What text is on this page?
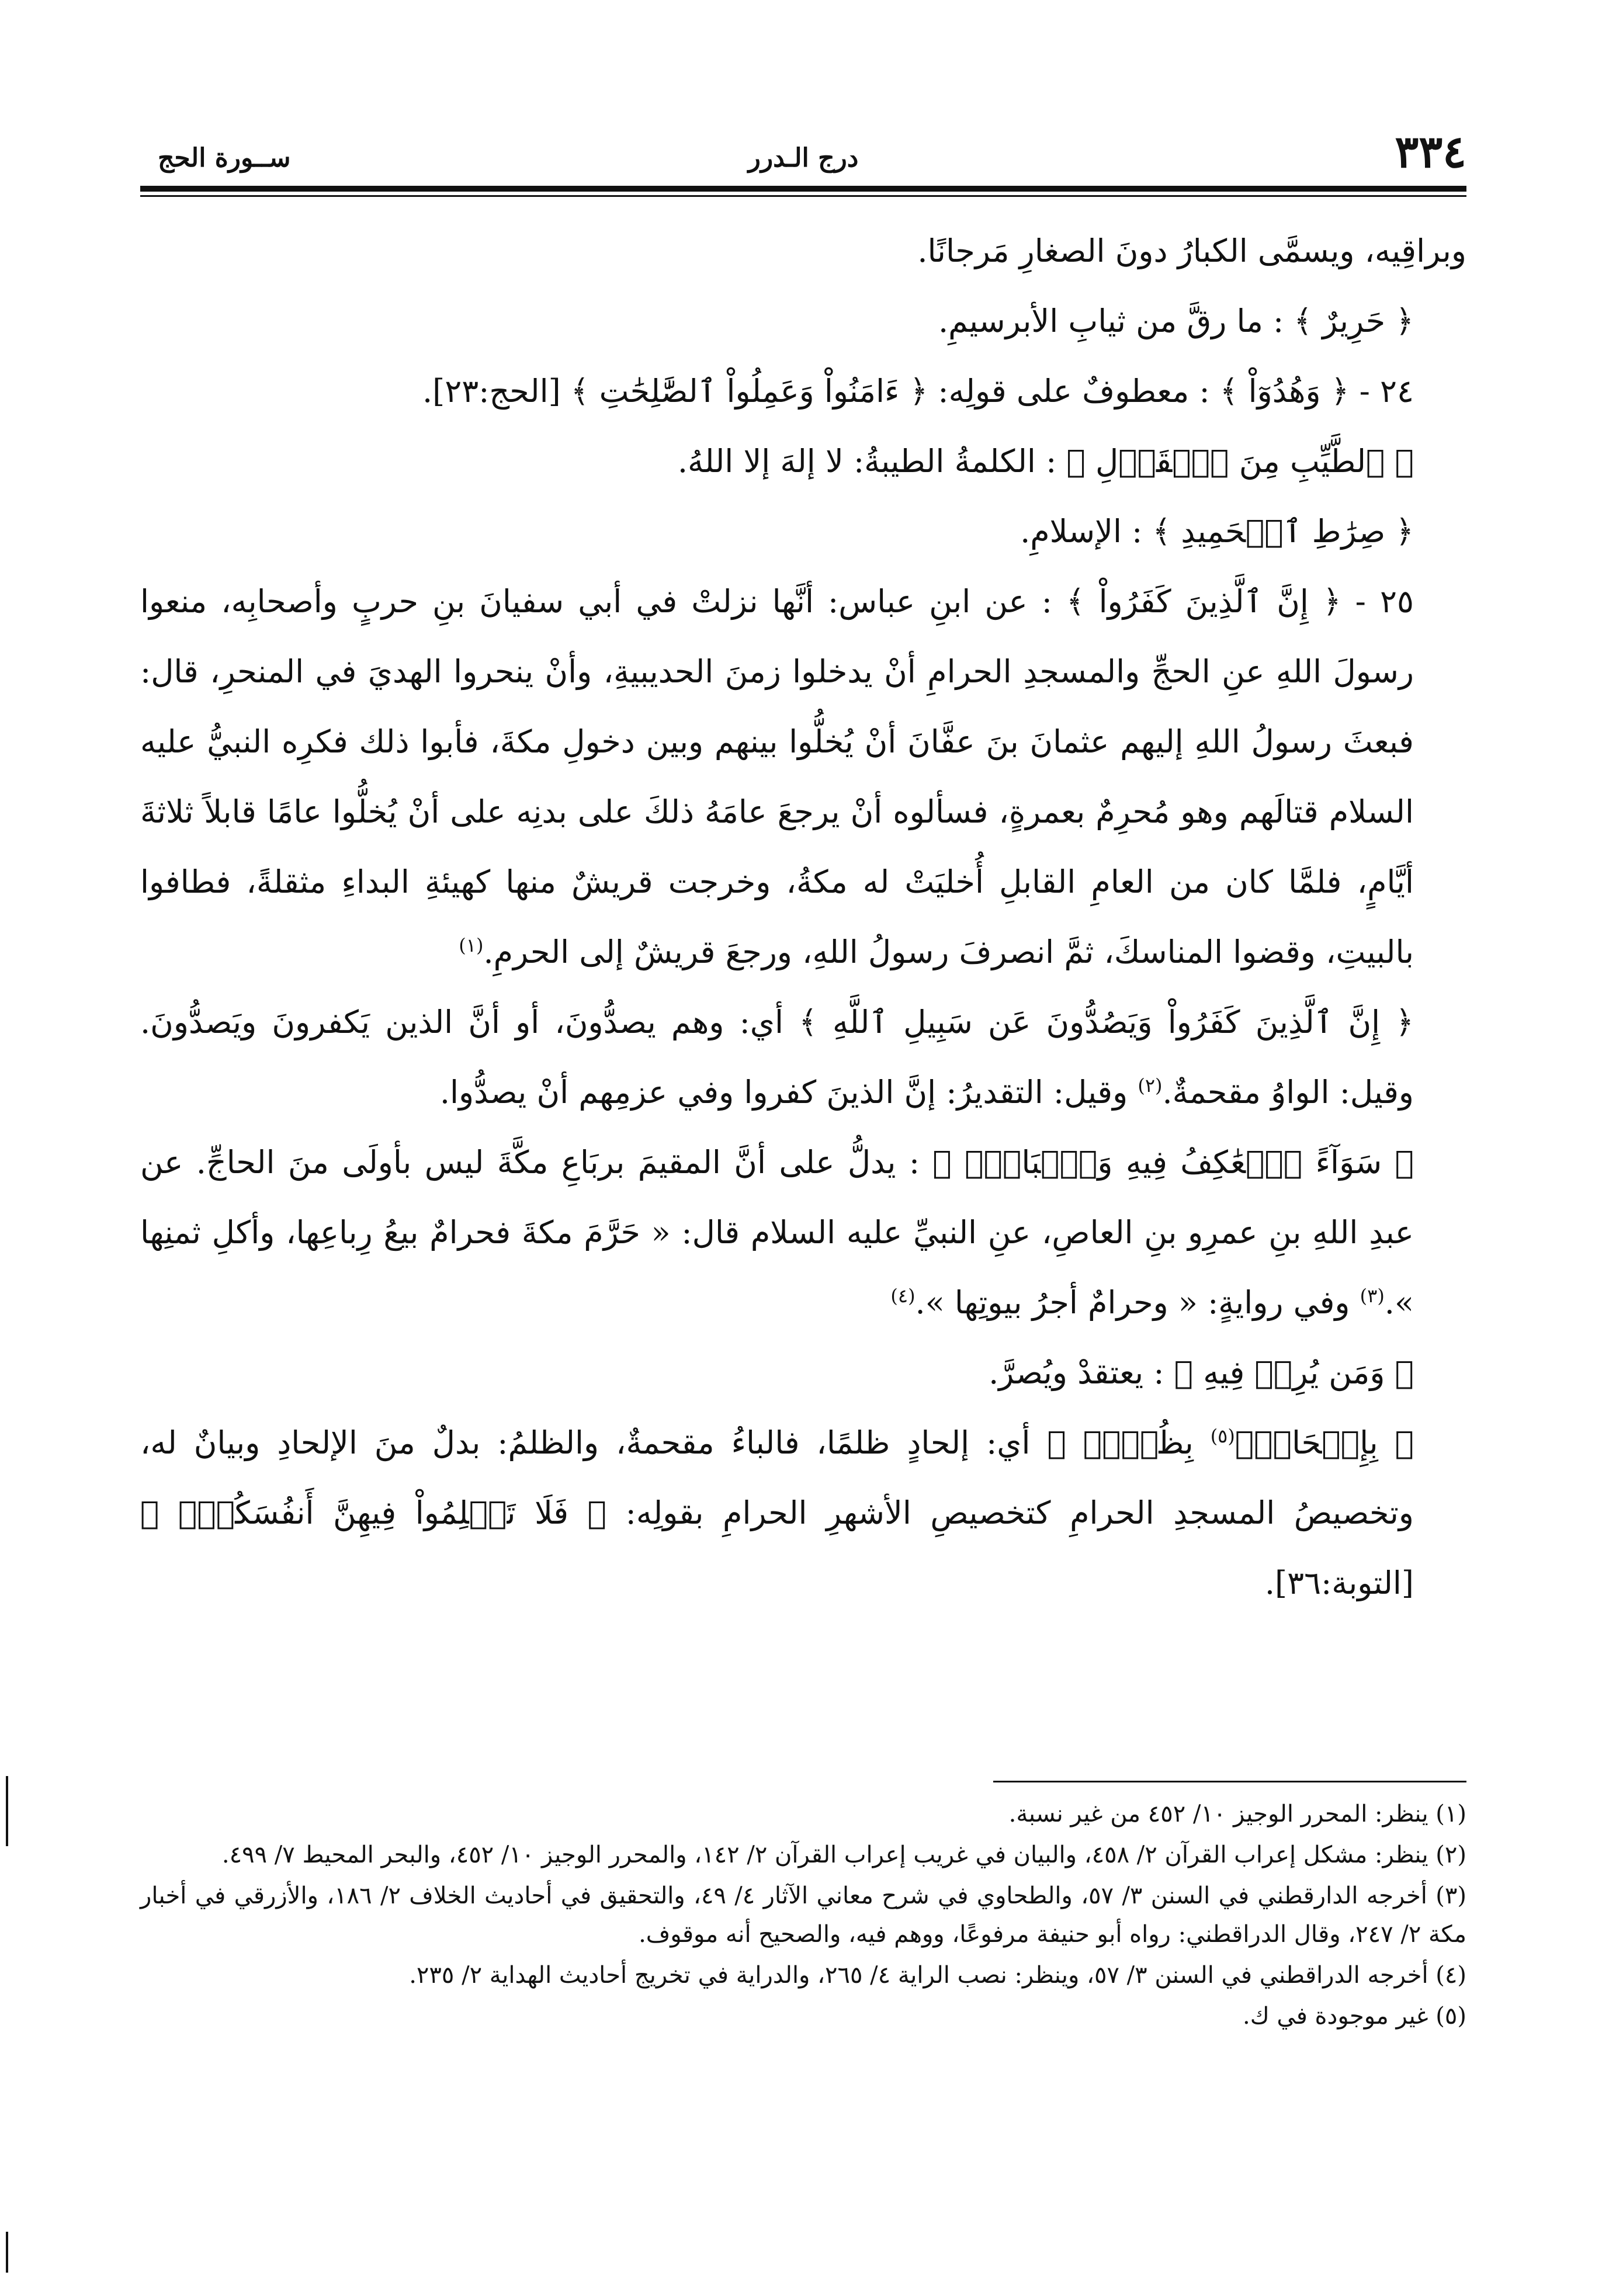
٣٣٤
درج الـدرر
ســورة الحج

وبراقِيه، ويسمَّى الكبارُ دونَ الصغارِ مَرجانًا.

﴿ حَرِيرٌ ﴾ : ما رقَّ من ثيابِ الأبرسيمِ.

٢٤ - ﴿ وَهُدُوٓاْ ﴾ : معطوفٌ على قولِه: ﴿ ءَامَنُواْ وَعَمِلُواْ ٱلصَّٰلِحَٰتِ ﴾ [الحج:٢٣].

﴿ ٱلطَّيِّبِ مِنَ ٱلۡقَوۡلِ ﴾ : الكلمةُ الطيبةُ: لا إلهَ إلا اللهُ.

﴿ صِرَٰطِ ٱلۡحَمِيدِ ﴾ : الإسلامِ.

٢٥ - ﴿ إِنَّ ٱلَّذِينَ كَفَرُواْ ﴾ : عن ابنِ عباس: أنَّها نزلتْ في أبي سفيانَ بنِ حربٍ وأصحابِه، منعوا رسولَ اللهِ عنِ الحجِّ والمسجدِ الحرامِ أنْ يدخلوا زمنَ الحديبيةِ، وأنْ ينحروا الهديَ في المنحرِ، قال: فبعثَ رسولُ اللهِ إليهم عثمانَ بنَ عفَّانَ أنْ يُخلُّوا بينهم وبين دخولِ مكةَ، فأبوا ذلك فكرِه النبيُّ عليه السلام قتالَهم وهو مُحرِمٌ بعمرةٍ، فسألوه أنْ يرجعَ عامَهُ ذلكَ على بدنِه على أنْ يُخلُّوا عامًا قابلاً ثلاثةَ أيَّامٍ، فلمَّا كان من العامِ القابلِ أُخليَتْ له مكةُ، وخرجت قريشٌ منها كهيئةِ البداءِ مثقلةً، فطافوا بالبيتِ، وقضوا المناسكَ، ثمَّ انصرفَ رسولُ اللهِ، ورجعَ قريشٌ إلى الحرمِ.$^{(١)}$

﴿ إِنَّ ٱلَّذِينَ كَفَرُواْ وَيَصُدُّونَ عَن سَبِيلِ ٱللَّهِ ﴾ أي: وهم يصدُّونَ، أو أنَّ الذين يَكفرونَ ويَصدُّونَ. وقيل: الواوُ مقحمةٌ.$^{(٢)}$ وقيل: التقديرُ: إنَّ الذينَ كفروا وفي عزمِهم أنْ يصدُّوا.

﴿ سَوَآءً ٱلۡعَٰكِفُ فِيهِ وَٱلۡبَادِۚ ﴾ : يدلُّ على أنَّ المقيمَ بربَاعِ مكَّةَ ليس بأولَى منَ الحاجِّ. عن عبدِ اللهِ بنِ عمرِو بنِ العاصِ، عنِ النبيِّ عليه السلام قال: « حَرَّمَ مكةَ فحرامٌ بيعُ رِباعِها، وأكلِ ثمنِها ».$^{(٣)}$ وفي روايةٍ: « وحرامٌ أجرُ بيوتِها ».$^{(٤)}$

﴿ وَمَن يُرِدۡ فِيهِ ﴾ : يعتقدْ ويُصرَّ.

﴿ بِإِلۡحَادِۢ$^{(٥)}$ بِظُلۡمٖ ﴾ أي: إلحادٍ ظلمًا، فالباءُ مقحمةٌ، والظلمُ: بدلٌ منَ الإلحادِ وبيانٌ له، وتخصيصُ المسجدِ الحرامِ كتخصيصِ الأشهرِ الحرامِ بقولِه: ﴿ فَلَا تَظۡلِمُواْ فِيهِنَّ أَنفُسَكُمۡۚ ﴾ [التوبة:٣٦].

(١) ينظر: المحرر الوجيز ١٠/ ٤٥٢ من غير نسبة.

(٢) ينظر: مشكل إعراب القرآن ٢/ ٤٥٨، والبيان في غريب إعراب القرآن ٢/ ١٤٢، والمحرر الوجيز ١٠/ ٤٥٢، والبحر المحيط ٧/ ٤٩٩.

(٣) أخرجه الدارقطني في السنن ٣/ ٥٧، والطحاوي في شرح معاني الآثار ٤/ ٤٩، والتحقيق في أحاديث الخلاف ٢/ ١٨٦، والأزرقي في أخبار مكة ٢/ ٢٤٧، وقال الدراقطني: رواه أبو حنيفة مرفوعًا، ووهم فيه، والصحيح أنه موقوف.

(٤) أخرجه الدراقطني في السنن ٣/ ٥٧، وينظر: نصب الراية ٤/ ٢٦٥، والدراية في تخريج أحاديث الهداية ٢/ ٢٣٥.

(٥) غير موجودة في ك.
